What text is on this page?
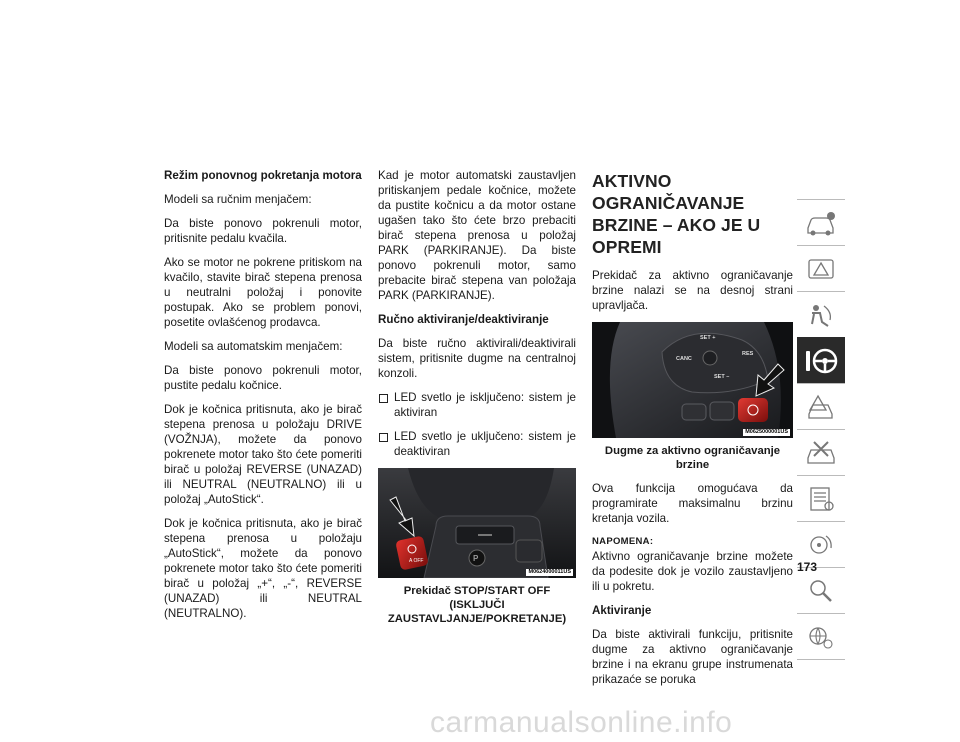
Režim ponovnog pokretanja motora

Modeli sa ručnim menjačem:

Da biste ponovo pokrenuli motor, pritisnite pedalu kvačila.

Ako se motor ne pokrene pritiskom na kvačilo, stavite birač stepena prenosa u neutralni položaj i ponovite postupak. Ako se problem ponovi, posetite ovlašćenog prodavca.

Modeli sa automatskim menjačem:

Da biste ponovo pokrenuli motor, pustite pedalu kočnice.

Dok je kočnica pritisnuta, ako je birač stepena prenosa u položaju DRIVE (VOŽNJA), možete da ponovo pokrenete motor tako što ćete pomeriti birač u položaj REVERSE (UNAZAD) ili NEUTRAL (NEUTRALNO) ili u položaj „AutoStick“.

Dok je kočnica pritisnuta, ako je birač stepena prenosa u položaju „AutoStick“, možete da ponovo pokrenete motor tako što ćete pomeriti birač u položaj „+“, „-“, REVERSE (UNAZAD) ili NEUTRAL (NEUTRALNO).

Kad je motor automatski zaustavljen pritiskanjem pedale kočnice, možete da pustite kočnicu a da motor ostane ugašen tako što ćete brzo prebaciti birač stepena prenosa u položaj PARK (PARKIRANJE). Da biste ponovo pokrenuli motor, samo prebacite birač stepena van položaja PARK (PARKIRANJE).

Ručno aktiviranje/deaktiviranje

Da biste ručno aktivirali/deaktivirali sistem, pritisnite dugme na centralnoj konzoli.

LED svetlo je isključeno: sistem je aktiviran
LED svetlo je uključeno: sistem je deaktiviran
A OFF	P
M0624000011US

Prekidač STOP/START OFF (ISKLJUČI ZAUSTAVLJANJE/POKRETANJE)

AKTIVNO OGRANIČAVANJE BRZINE – AKO JE U OPREMI

Prekidač za aktivno ograničavanje brzine nalazi se na desnoj strani upravljača.

SET +
CANC
RES
SET –
M0625000001US

Dugme za aktivno ograničavanje brzine

Ova funkcija omogućava da programirate maksimalnu brzinu kretanja vozila.

NAPOMENA:

Aktivno ograničavanje brzine možete da podesite dok je vozilo zaustavljeno ili u pokretu.

Aktiviranje

Da biste aktivirali funkciju, pritisnite dugme za aktivno ograničavanje brzine i na ekranu grupe instrumenata prikazaće se poruka

173
carmanualsonline.info
